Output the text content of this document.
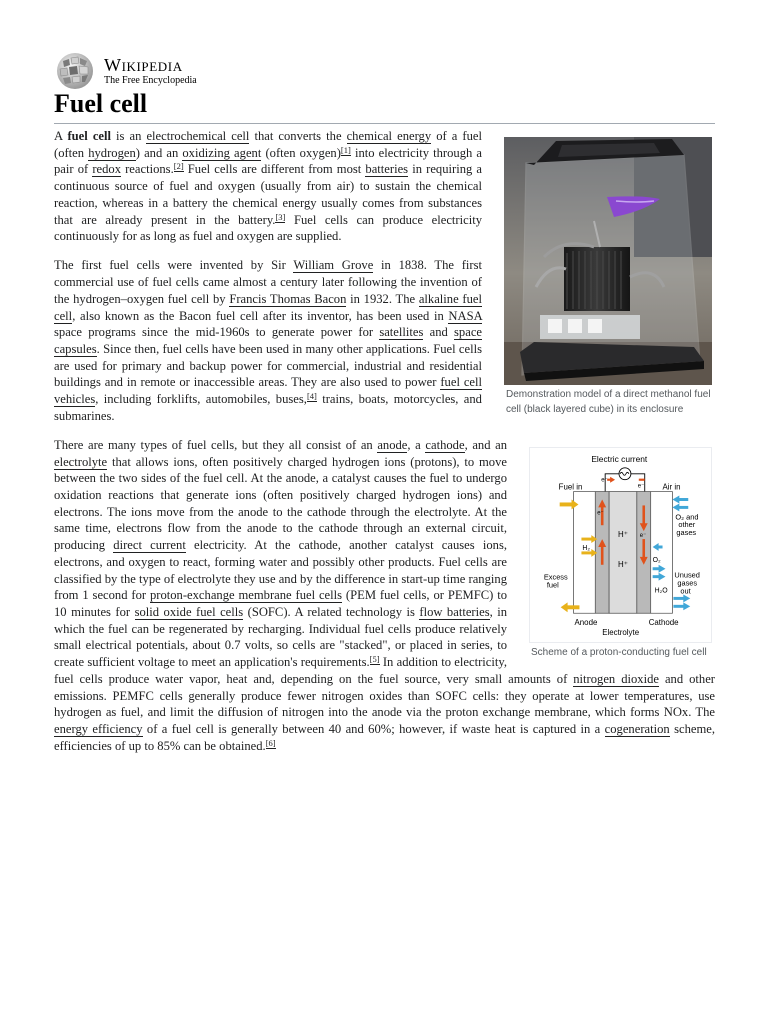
Wikipedia
The Free Encyclopedia
Fuel cell
Demonstration model of a direct methanol fuel cell (black layered cube) in its enclosure

A fuel cell is an electrochemical cell that converts the chemical energy of a fuel (often hydrogen) and an oxidizing agent (often oxygen)[1] into electricity through a pair of redox reactions.[2] Fuel cells are different from most batteries in requiring a continuous source of fuel and oxygen (usually from air) to sustain the chemical reaction, whereas in a battery the chemical energy usually comes from substances that are already present in the battery.[3] Fuel cells can produce electricity continuously for as long as fuel and oxygen are supplied.

The first fuel cells were invented by Sir William Grove in 1838. The first commercial use of fuel cells came almost a century later following the invention of the hydrogen–oxygen fuel cell by Francis Thomas Bacon in 1932. The alkaline fuel cell, also known as the Bacon fuel cell after its inventor, has been used in NASA space programs since the mid-1960s to generate power for satellites and space capsules. Since then, fuel cells have been used in many other applications. Fuel cells are used for primary and backup power for commercial, industrial and residential buildings and in remote or inaccessible areas. They are also used to power fuel cell vehicles, including forklifts, automobiles, buses,[4] trains, boats, motorcycles, and submarines.

Electric current
e⁻
e⁻
Fuel in	Air in
H₂
e⁻
e⁻
H⁺
H⁺
O₂ and other gases
O₂
H₂O
Unused gases out
Excess fuel
Anode	Cathode
Electrolyte
Scheme of a proton-conducting fuel cell

There are many types of fuel cells, but they all consist of an anode, a cathode, and an electrolyte that allows ions, often positively charged hydrogen ions (protons), to move between the two sides of the fuel cell. At the anode, a catalyst causes the fuel to undergo oxidation reactions that generate ions (often positively charged hydrogen ions) and electrons. The ions move from the anode to the cathode through the electrolyte. At the same time, electrons flow from the anode to the cathode through an external circuit, producing direct current electricity. At the cathode, another catalyst causes ions, electrons, and oxygen to react, forming water and possibly other products. Fuel cells are classified by the type of electrolyte they use and by the difference in start-up time ranging from 1 second for proton-exchange membrane fuel cells (PEM fuel cells, or PEMFC) to 10 minutes for solid oxide fuel cells (SOFC). A related technology is flow batteries, in which the fuel can be regenerated by recharging. Individual fuel cells produce relatively small electrical potentials, about 0.7 volts, so cells are "stacked", or placed in series, to create sufficient voltage to meet an application's requirements.[5] In addition to electricity, fuel cells produce water vapor, heat and, depending on the fuel source, very small amounts of nitrogen dioxide and other emissions. PEMFC cells generally produce fewer nitrogen oxides than SOFC cells: they operate at lower temperatures, use hydrogen as fuel, and limit the diffusion of nitrogen into the anode via the proton exchange membrane, which forms NOx. The energy efficiency of a fuel cell is generally between 40 and 60%; however, if waste heat is captured in a cogeneration scheme, efficiencies of up to 85% can be obtained.[6]
